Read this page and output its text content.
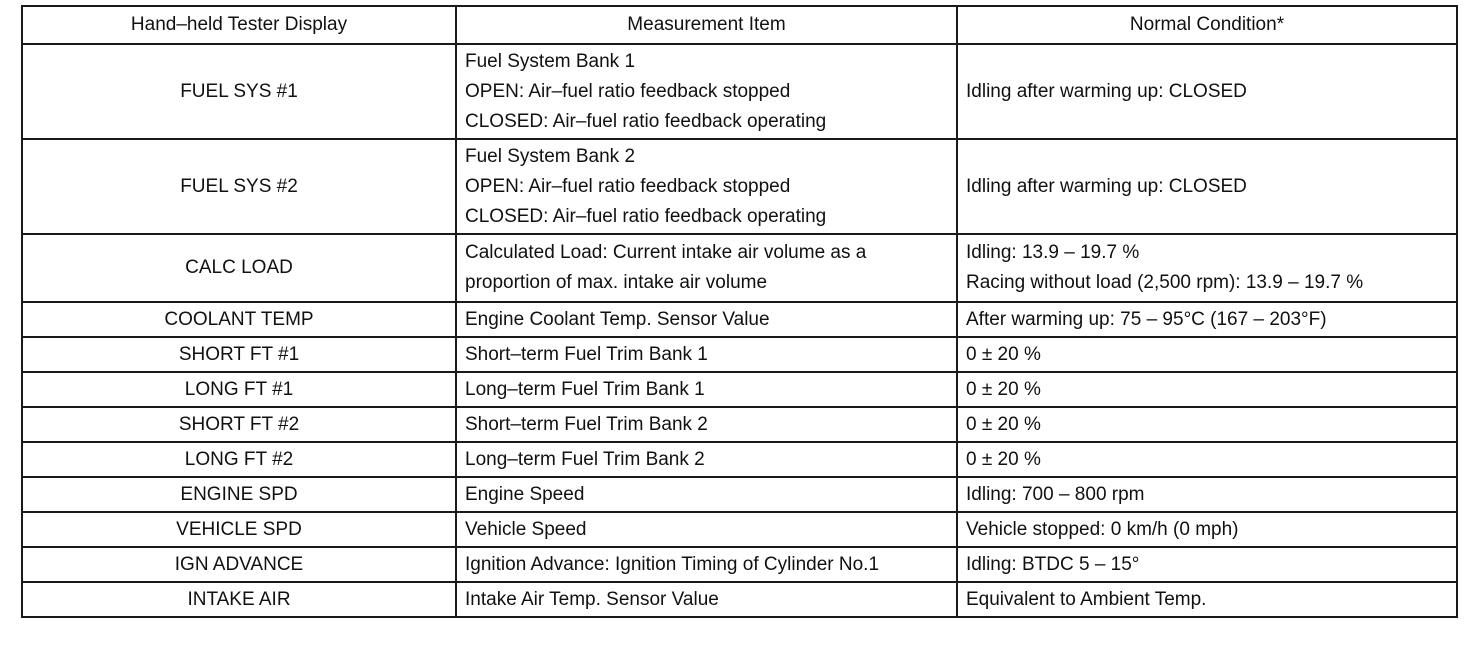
Hand–held Tester Display	Measurement Item	Normal Condition*
FUEL SYS #1	Fuel System Bank 1
OPEN: Air–fuel ratio feedback stopped
CLOSED: Air–fuel ratio feedback operating	Idling after warming up: CLOSED

FUEL SYS #2	Fuel System Bank 2
OPEN: Air–fuel ratio feedback stopped
CLOSED: Air–fuel ratio feedback operating	Idling after warming up: CLOSED

CALC LOAD	Calculated Load: Current intake air volume as a
proportion of max. intake air volume	Idling: 13.9 – 19.7 %
Racing without load (2,500 rpm): 13.9 – 19.7 %

COOLANT TEMP	Engine Coolant Temp. Sensor Value	After warming up: 75 – 95°C (167 – 203°F)

SHORT FT #1	Short–term Fuel Trim Bank 1	0 ± 20 %

LONG FT #1	Long–term Fuel Trim Bank 1	0 ± 20 %

SHORT FT #2	Short–term Fuel Trim Bank 2	0 ± 20 %

LONG FT #2	Long–term Fuel Trim Bank 2	0 ± 20 %

ENGINE SPD	Engine Speed	Idling: 700 – 800 rpm

VEHICLE SPD	Vehicle Speed	Vehicle stopped: 0 km/h (0 mph)

IGN ADVANCE	Ignition Advance: Ignition Timing of Cylinder No.1	Idling: BTDC 5 – 15°

INTAKE AIR	Intake Air Temp. Sensor Value	Equivalent to Ambient Temp.
